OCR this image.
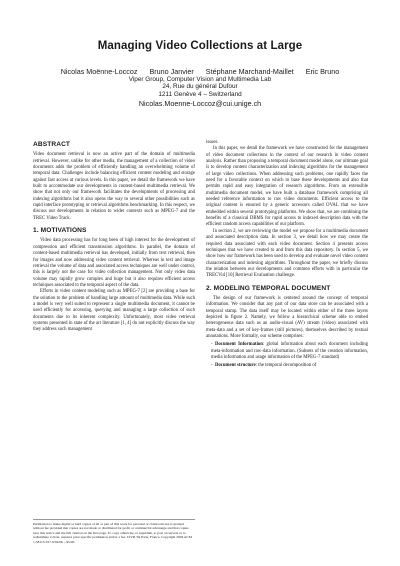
Managing Video Collections at Large
Nicolas Moënne-Loccoz Bruno Janvier Stéphane Marchand-Maillet Eric Bruno
Viper Group, Computer Vision and Multimedia Lab
24, Rue du général Dufour
1211 Genève 4 – Switzerland
Nicolas.Moenne-Loccoz@cui.unige.ch
ABSTRACT

Video document retrieval is now an active part of the domain of multimedia retrieval. However, unlike for other media, the management of a collection of video documents adds the problem of efficiently handling an overwhelming volume of temporal data. Challenges include balancing efficient content modeling and storage against fast access at various levels. In this paper, we detail the framework we have built to accommodate our developments in content-based multimedia retrieval. We show that not only our framework facilitates the developments of processing and indexing algorithms but it also opens the way to several other possibilities such as rapid interface prototyping or retrieval algorithms benchmarking. In this respect, we discuss our developments in relation to wider contexts such as MPEG-7 and the TREC Video Track.

1. MOTIVATIONS

Video data processing has for long been of high interest for the development of compression and efficient transmission algorithms. In parallel, the domain of content-based multimedia retrieval has developed, initially from text retrieval, then for images and now addressing video content retrieval. Whereas in text and image retrieval the volume of data and associated access techniques are well under control, this is largely not the case for video collection management. Not only video data volume may rapidly grow complex and huge but it also requires efficient access techniques associated to the temporal aspect of the data.

Efforts in video content modeling such as MPEG-7 [2] are providing a base for the solution to the problem of handling large amount of multimedia data. While such a model is very well suited to represent a single multimedia document, it cannot be used efficiently for accessing, querying and managing a large collection of such documents due to its inherent complexity. Unfortunately, most video retrieval systems presented in state of the art literature [1, 4] do not explicitly discuss the way they address such management

Permission to make digital or hard copies of all or part of this work for personal or classroom use is granted without fee provided that copies are not made or distributed for profit or commercial advantage and that copies bear this notice and the full citation on the first page. To copy otherwise, to republish, to post on servers or to redistribute to lists, requires prior specific permission and/or a fee. CIVR '04 Paris, France. Copyright 2004 ACM 1-58113-917-9/04/06 ...$5.00.

issues.

In this paper, we detail the framework we have constructed for the management of video document collections in the context of our research in video content analysis. Rather than proposing a temporal document model alone, our ultimate goal is to develop content characterization and indexing algorithms for the management of large video collections. When addressing such problems, one rapidly faces the need for a favorable context on which to base these developments and also that permits rapid and easy integration of research algorithms. From an extensible multimedia document model, we have built a database framework comprising all needed reference information to raw video documents. Efficient access to the original content is ensured by a generic accessors called OVAL that we have embedded within several prototyping platforms. We show that, we are combining the benefits of a classical DBMS for rapid access to indexed description data with the efficient random access capabilities of our platform.

In section 2, we are reviewing the model we propose for a multimedia document and associated description data. In section 3, we detail how we may create the required data associated with each video document. Section 4 presents access techniques that we have created to and from this data repository. In section 5, we show how our framework has been used to develop and evaluate novel video content characterization and indexing algorithms. Throughout the paper, we briefly discuss the relation between our developments and common efforts with in particular the TRECVid [10] Retrieval Evaluation challenge.

2. MODELING TEMPORAL DOCUMENT

The design of our framework is centered around the concept of temporal information. We consider that any part of our data store can be associated with a temporal stamp. The data itself may be located within either of the three layers depicted in figure 2. Namely, we follow a hierarchical scheme able to embed heterogeneous data such as an audio-visual (AV) stream (video) associated with meta-data and a set of key-frames (still pictures), themselves described by textual annotations. More formally, our scheme comprises:

- Document Information: global information about each document including meta-information and raw-data information. (Subsets of the creation information, media information and usage information of the MPEG-7 standard)
- Document structure: the temporal decomposition of
